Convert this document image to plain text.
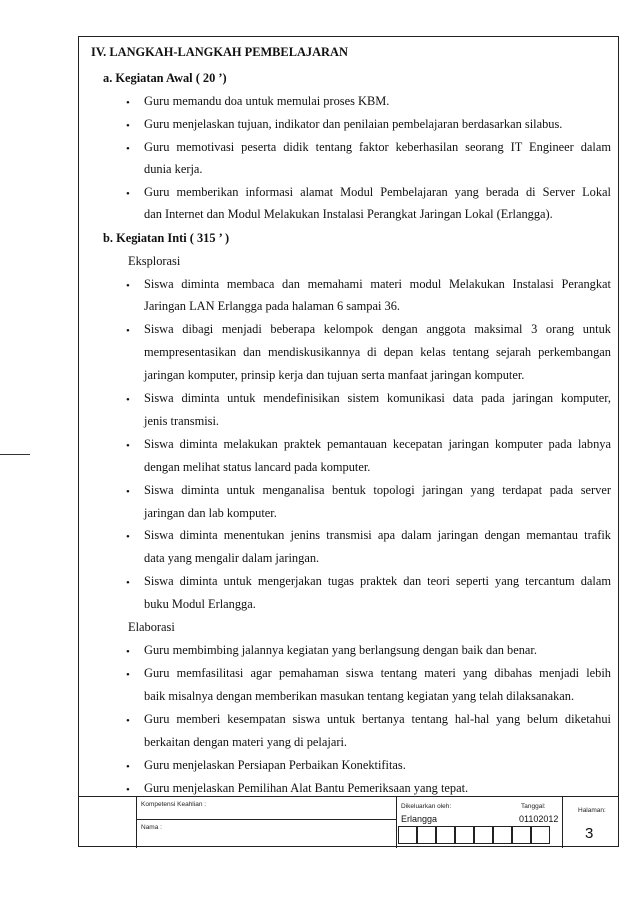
IV. LANGKAH-LANGKAH PEMBELAJARAN
a. Kegiatan Awal ( 20 ’)
• Guru memandu doa untuk memulai proses KBM.
• Guru menjelaskan tujuan, indikator dan penilaian pembelajaran berdasarkan silabus.
• Guru memotivasi peserta didik tentang faktor keberhasilan seorang IT Engineer dalam
dunia kerja.
• Guru memberikan informasi alamat Modul Pembelajaran yang berada di Server Lokal
dan Internet dan Modul Melakukan Instalasi Perangkat Jaringan Lokal (Erlangga).
b. Kegiatan Inti ( 315 ’ )
Eksplorasi
• Siswa diminta membaca dan memahami materi modul Melakukan Instalasi Perangkat
Jaringan LAN Erlangga pada halaman 6 sampai 36.
• Siswa dibagi menjadi beberapa kelompok dengan anggota maksimal 3 orang untuk
mempresentasikan dan mendiskusikannya di depan kelas tentang sejarah perkembangan
jaringan komputer, prinsip kerja dan tujuan serta manfaat jaringan komputer.
• Siswa diminta untuk mendefinisikan sistem komunikasi data pada jaringan komputer,
jenis transmisi.
• Siswa diminta melakukan praktek pemantauan kecepatan jaringan komputer pada labnya
dengan melihat status lancard pada komputer.
• Siswa diminta untuk menganalisa bentuk topologi jaringan yang terdapat pada server
jaringan dan lab komputer.
• Siswa diminta menentukan jenins transmisi apa dalam jaringan dengan memantau trafik
data yang mengalir dalam jaringan.
• Siswa diminta untuk mengerjakan tugas praktek dan teori seperti yang tercantum dalam
buku Modul Erlangga.
Elaborasi
• Guru membimbing jalannya kegiatan yang berlangsung dengan baik dan benar.
• Guru memfasilitasi agar pemahaman siswa tentang materi yang dibahas menjadi lebih
baik misalnya dengan memberikan masukan tentang kegiatan yang telah dilaksanakan.
• Guru memberi kesempatan siswa untuk bertanya tentang hal-hal yang belum diketahui
berkaitan dengan materi yang di pelajari.
• Guru menjelaskan Persiapan Perbaikan Konektifitas.
• Guru menjelaskan Pemilihan Alat Bantu Pemeriksaan yang tepat.
Kompetensi Keahlian :
Nama :
Dikeluarkan oleh:
Erlangga
Tanggal:
01102012
Halaman:
3
